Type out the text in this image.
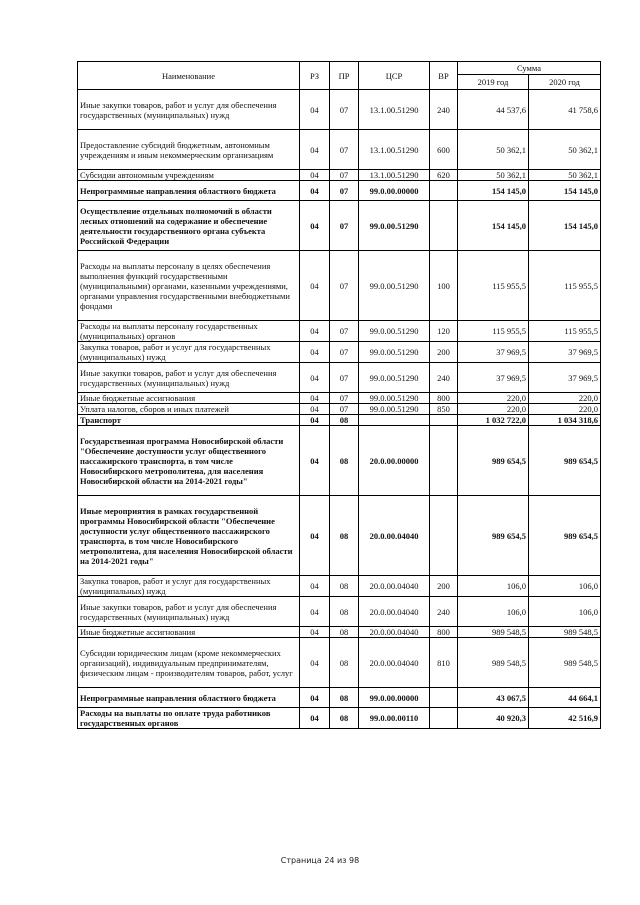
Наименование	РЗ	ПР	ЦСР	ВР	Сумма	
					2019 год	2020 год
Иные закупки товаров, работ и услуг для обеспечения государственных (муниципальных) нужд	04	07	13.1.00.51290	240	44 537,6	41 758,6
Предоставление субсидий бюджетным, автономным учреждениям и иным некоммерческим организациям	04	07	13.1.00.51290	600	50 362,1	50 362,1
Субсидии автономным учреждениям	04	07	13.1.00.51290	620	50 362,1	50 362,1
Непрограммные направления областного бюджета	04	07	99.0.00.00000		154 145,0	154 145,0
Осуществление отдельных полномочий в области лесных отношений на содержание и обеспечение деятельности государственного органа субъекта Российской Федерации	04	07	99.0.00.51290		154 145,0	154 145,0
Расходы на выплаты персоналу в целях обеспечения выполнения функций государственными (муниципальными) органами, казенными учреждениями, органами управления государственными внебюджетными фондами	04	07	99.0.00.51290	100	115 955,5	115 955,5
Расходы на выплаты персоналу государственных (муниципальных) органов	04	07	99.0.00.51290	120	115 955,5	115 955,5
Закупка товаров, работ и услуг для государственных (муниципальных) нужд	04	07	99.0.00.51290	200	37 969,5	37 969,5
Иные закупки товаров, работ и услуг для обеспечения государственных (муниципальных) нужд	04	07	99.0.00.51290	240	37 969,5	37 969,5
Иные бюджетные ассигнования	04	07	99.0.00.51290	800	220,0	220,0
Уплата налогов, сборов и иных платежей	04	07	99.0.00.51290	850	220,0	220,0
Транспорт	04	08			1 032 722,0	1 034 318,6
Государственная программа Новосибирской области "Обеспечение доступности услуг общественного пассажирского транспорта, в том числе Новосибирского метрополитена, для населения Новосибирской области на 2014-2021 годы"	04	08	20.0.00.00000		989 654,5	989 654,5
Иные мероприятия в рамках государственной программы Новосибирской области "Обеспечение доступности услуг общественного пассажирского транспорта, в том числе Новосибирского метрополитена, для населения Новосибирской области на 2014-2021 годы"	04	08	20.0.00.04040		989 654,5	989 654,5
Закупка товаров, работ и услуг для государственных (муниципальных) нужд	04	08	20.0.00.04040	200	106,0	106,0
Иные закупки товаров, работ и услуг для обеспечения государственных (муниципальных) нужд	04	08	20.0.00.04040	240	106,0	106,0
Иные бюджетные ассигнования	04	08	20.0.00.04040	800	989 548,5	989 548,5
Субсидии юридическим лицам (кроме некоммерческих организаций), индивидуальным предпринимателям, физическим лицам - производителям товаров, работ, услуг	04	08	20.0.00.04040	810	989 548,5	989 548,5
Непрограммные направления областного бюджета	04	08	99.0.00.00000		43 067,5	44 664,1
Расходы на выплаты по оплате труда работников государственных органов	04	08	99.0.00.00110		40 920,3	42 516,9
Страница 24 из 98
